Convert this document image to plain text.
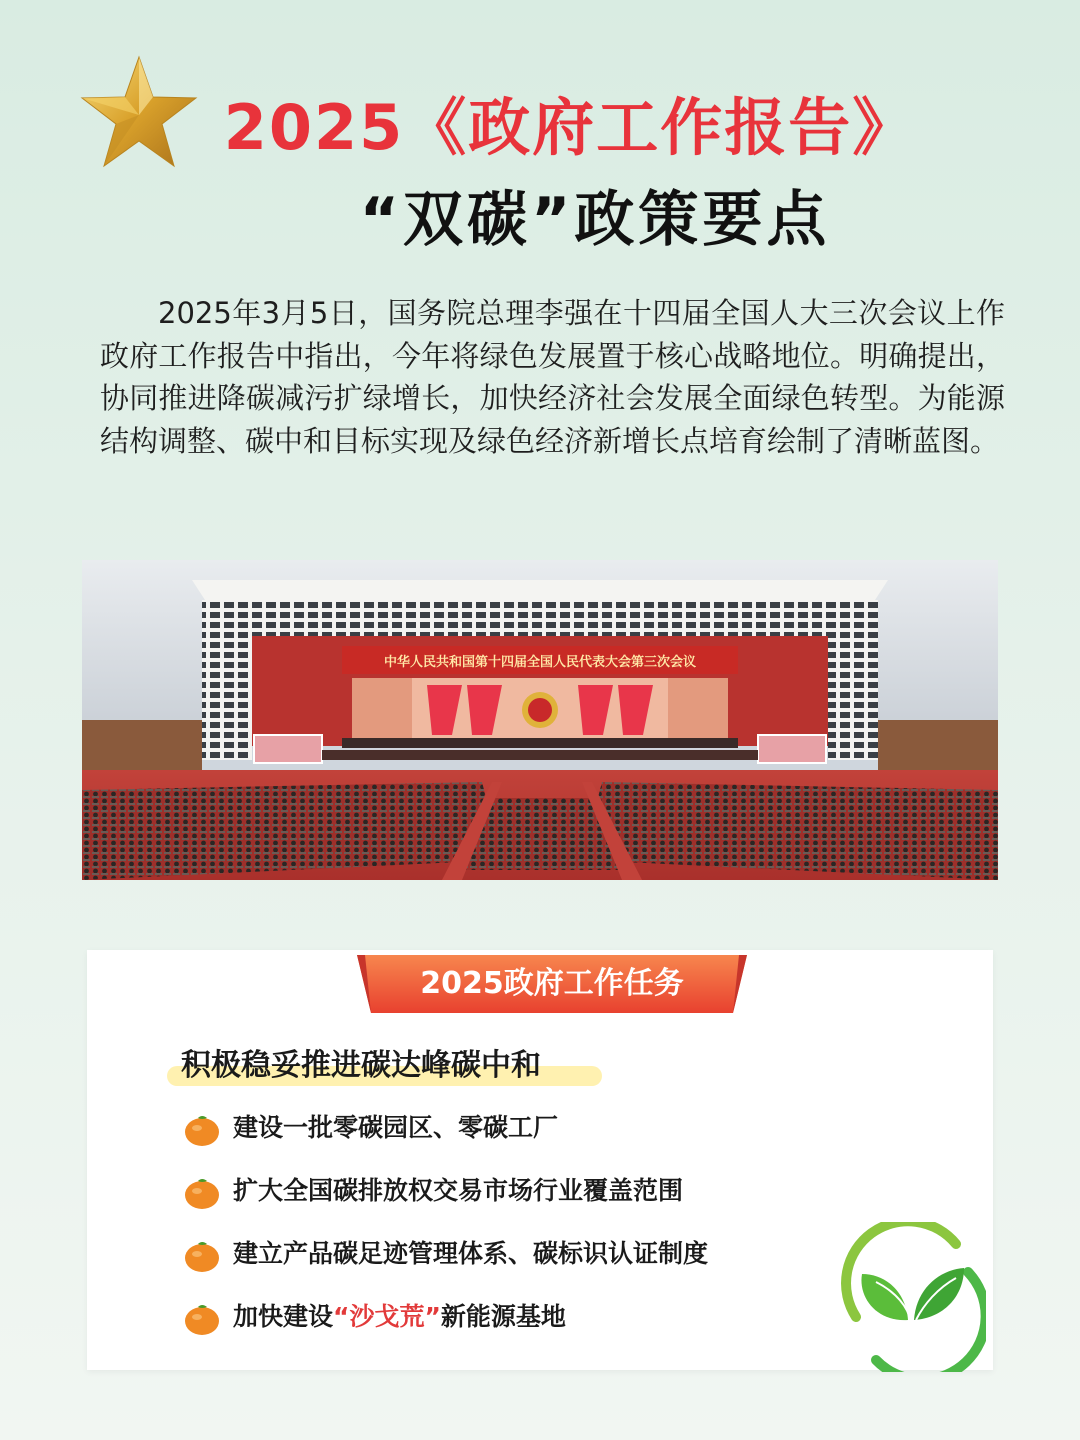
2025《政府工作报告》
“双碳”政策要点
2025年3月5日，国务院总理李强在十四届全国人大三次会议上作政府工作报告中指出，今年将绿色发展置于核心战略地位。明确提出，协同推进降碳减污扩绿增长，加快经济社会发展全面绿色转型。为能源结构调整、碳中和目标实现及绿色经济新增长点培育绘制了清晰蓝图。
中华人民共和国第十四届全国人民代表大会第三次会议
2025政府工作任务
积极稳妥推进碳达峰碳中和
建设一批零碳园区、零碳工厂
扩大全国碳排放权交易市场行业覆盖范围
建立产品碳足迹管理体系、碳标识认证制度
加快建设“沙戈荒”新能源基地
